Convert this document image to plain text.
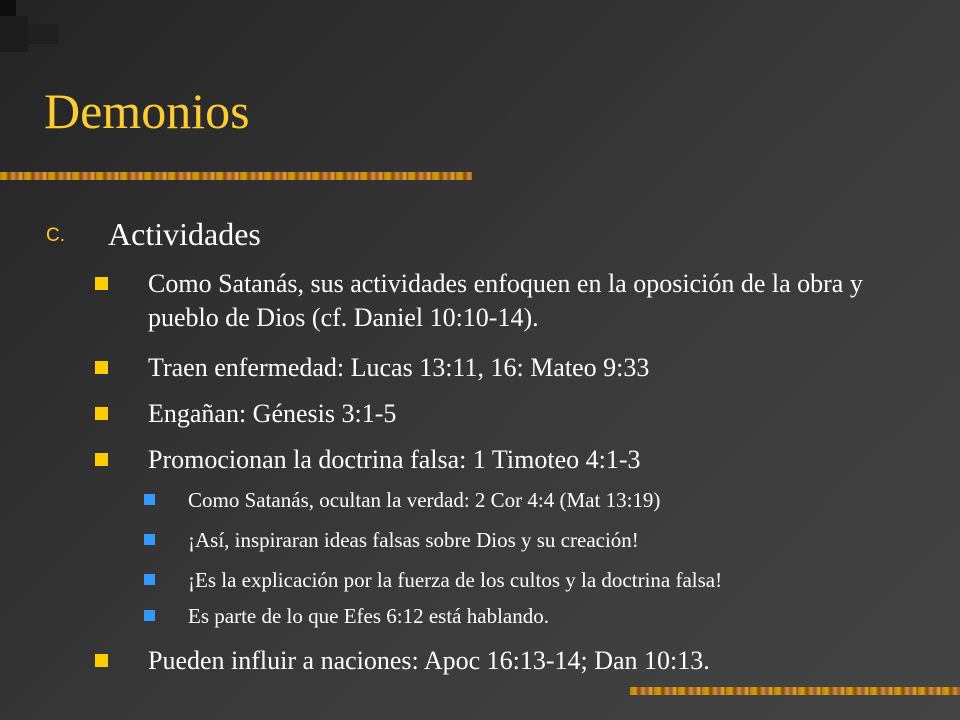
Demonios
C. Actividades
Como Satanás, sus actividades enfoquen en la oposición de la obra y pueblo de Dios (cf. Daniel 10:10-14).
Traen enfermedad: Lucas 13:11, 16: Mateo 9:33
Engañan: Génesis 3:1-5
Promocionan la doctrina falsa: 1 Timoteo 4:1-3
Como Satanás, ocultan la verdad: 2 Cor 4:4 (Mat 13:19)
¡Así, inspiraran ideas falsas sobre Dios y su creación!
¡Es la explicación por la fuerza de los cultos y la doctrina falsa!
Es parte de lo que Efes 6:12 está hablando.
Pueden influir a naciones: Apoc 16:13-14; Dan 10:13.
